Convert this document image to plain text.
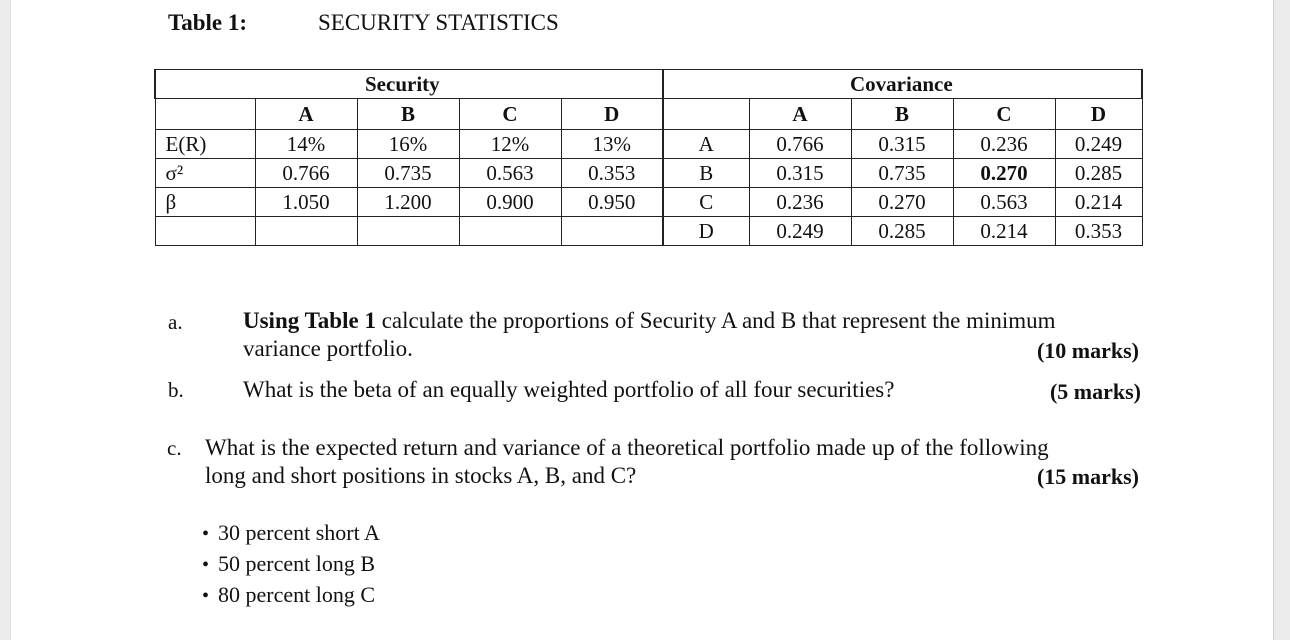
Table 1:	SECURITY STATISTICS
	Security				Covariance				
	A	B	C	D		A	B	C	D
E(R)	14%	16%	12%	13%	A	0.766	0.315	0.236	0.249
σ²	0.766	0.735	0.563	0.353	B	0.315	0.735	0.270	0.285
β	1.050	1.200	0.900	0.950	C	0.236	0.270	0.563	0.214
					D	0.249	0.285	0.214	0.353
a.	Using Table 1 calculate the proportions of Security A and B that represent the minimum
variance portfolio.	(10 marks)
b.	What is the beta of an equally weighted portfolio of all four securities?	(5 marks)
c. What is the expected return and variance of a theoretical portfolio made up of the following
long and short positions in stocks A, B, and C?	(15 marks)
• 30 percent short A
• 50 percent long B
• 80 percent long C
